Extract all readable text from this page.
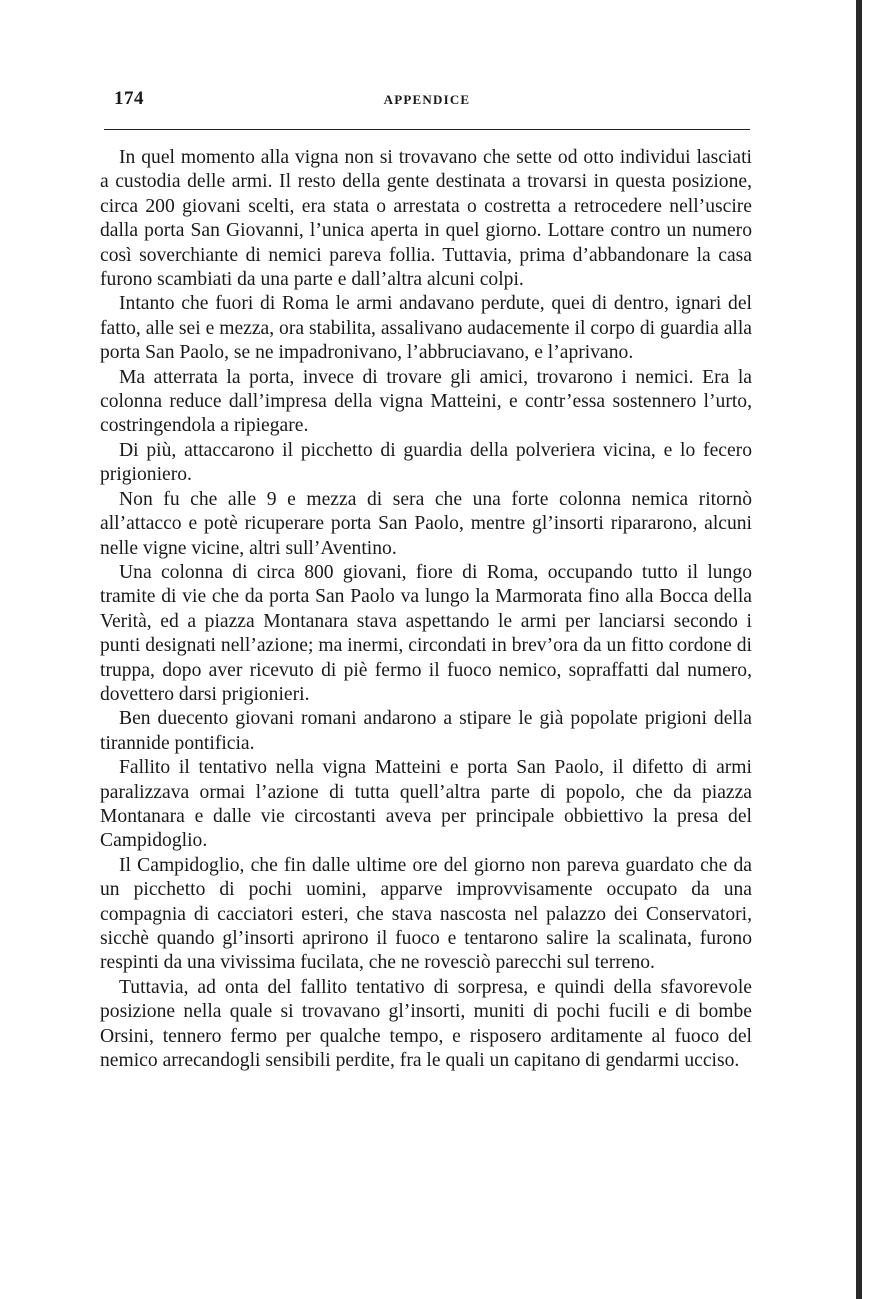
174	APPENDICE

In quel momento alla vigna non si trovavano che sette od otto individui lasciati a custodia delle armi. Il resto della gente destinata a trovarsi in questa posizione, circa 200 giovani scelti, era stata o arrestata o costretta a retrocedere nell’uscire dalla porta San Giovanni, l’unica aperta in quel giorno. Lottare contro un numero così soverchiante di nemici pareva follia. Tuttavia, prima d’abbandonare la casa furono scambiati da una parte e dall’altra alcuni colpi.

Intanto che fuori di Roma le armi andavano perdute, quei di dentro, ignari del fatto, alle sei e mezza, ora stabilita, assalivano audacemente il corpo di guardia alla porta San Paolo, se ne impadronivano, l’abbruciavano, e l’aprivano.

Ma atterrata la porta, invece di trovare gli amici, trovarono i nemici. Era la colonna reduce dall’impresa della vigna Matteini, e contr’essa sostennero l’urto, costringendola a ripiegare.

Di più, attaccarono il picchetto di guardia della polveriera vicina, e lo fecero prigioniero.

Non fu che alle 9 e mezza di sera che una forte colonna nemica ritornò all’attacco e potè ricuperare porta San Paolo, mentre gl’insorti ripararono, alcuni nelle vigne vicine, altri sull’Aventino.

Una colonna di circa 800 giovani, fiore di Roma, occupando tutto il lungo tramite di vie che da porta San Paolo va lungo la Marmorata fino alla Bocca della Verità, ed a piazza Montanara stava aspettando le armi per lanciarsi secondo i punti designati nell’azione; ma inermi, circondati in brev’ora da un fitto cordone di truppa, dopo aver ricevuto di piè fermo il fuoco nemico, sopraffatti dal numero, dovettero darsi prigionieri.

Ben duecento giovani romani andarono a stipare le già popolate prigioni della tirannide pontificia.

Fallito il tentativo nella vigna Matteini e porta San Paolo, il difetto di armi paralizzava ormai l’azione di tutta quell’altra parte di popolo, che da piazza Montanara e dalle vie circostanti aveva per principale obbiettivo la presa del Campidoglio.

Il Campidoglio, che fin dalle ultime ore del giorno non pareva guardato che da un picchetto di pochi uomini, apparve improvvisamente occupato da una compagnia di cacciatori esteri, che stava nascosta nel palazzo dei Conservatori, sicchè quando gl’insorti aprirono il fuoco e tentarono salire la scalinata, furono respinti da una vivissima fucilata, che ne rovesciò parecchi sul terreno.

Tuttavia, ad onta del fallito tentativo di sorpresa, e quindi della sfavorevole posizione nella quale si trovavano gl’insorti, muniti di pochi fucili e di bombe Orsini, tennero fermo per qualche tempo, e risposero arditamente al fuoco del nemico arrecandogli sensibili perdite, fra le quali un capitano di gendarmi ucciso.
